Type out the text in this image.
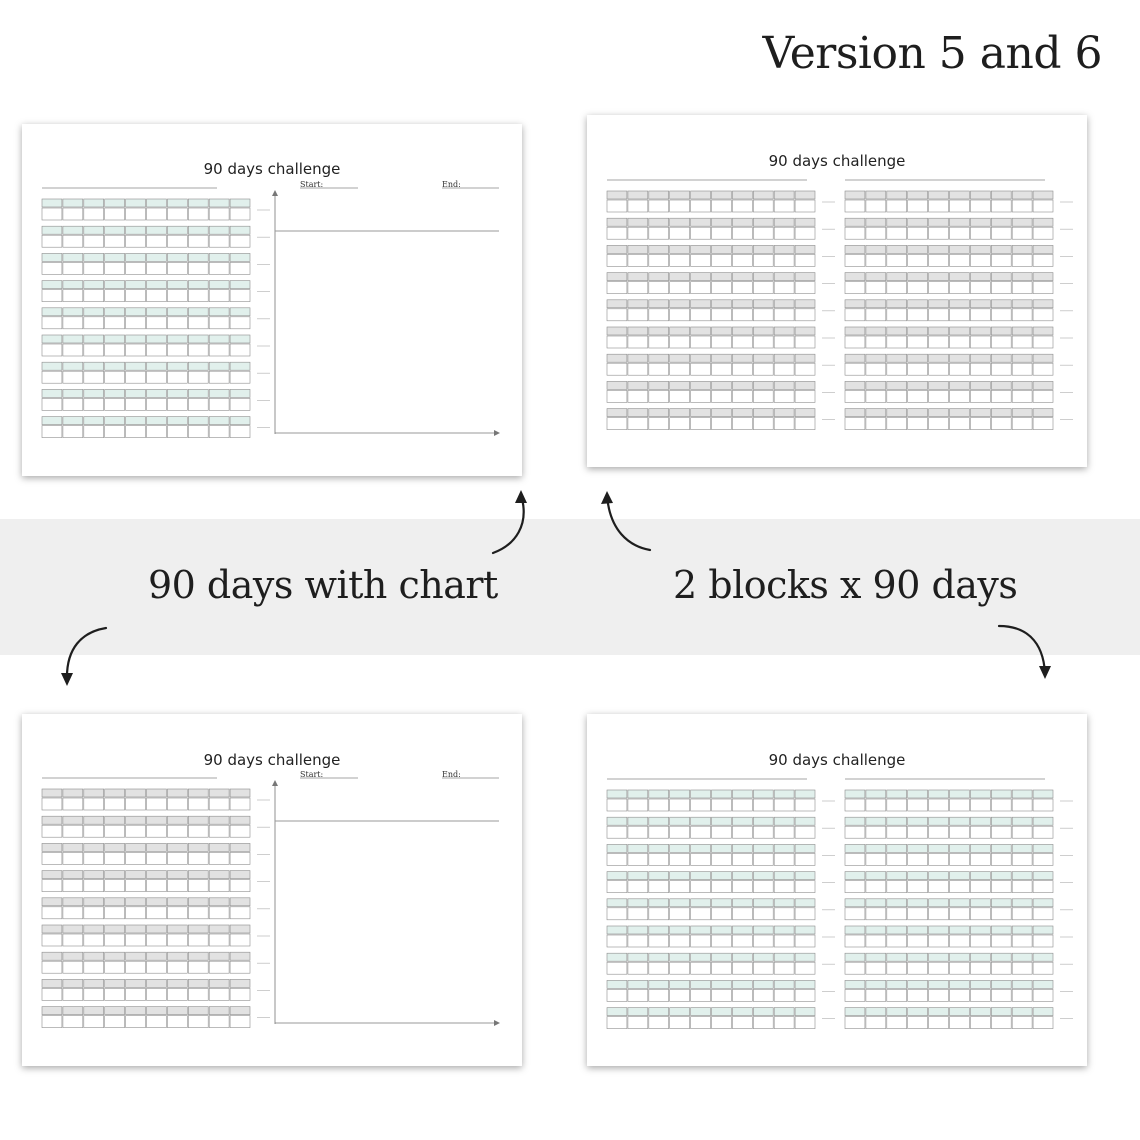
Version 5 and 6
90 days with chart	2 blocks x 90 days
90 days challenge
Start:	End:
90 days challenge
90 days challenge
Start:	End:
90 days challenge
